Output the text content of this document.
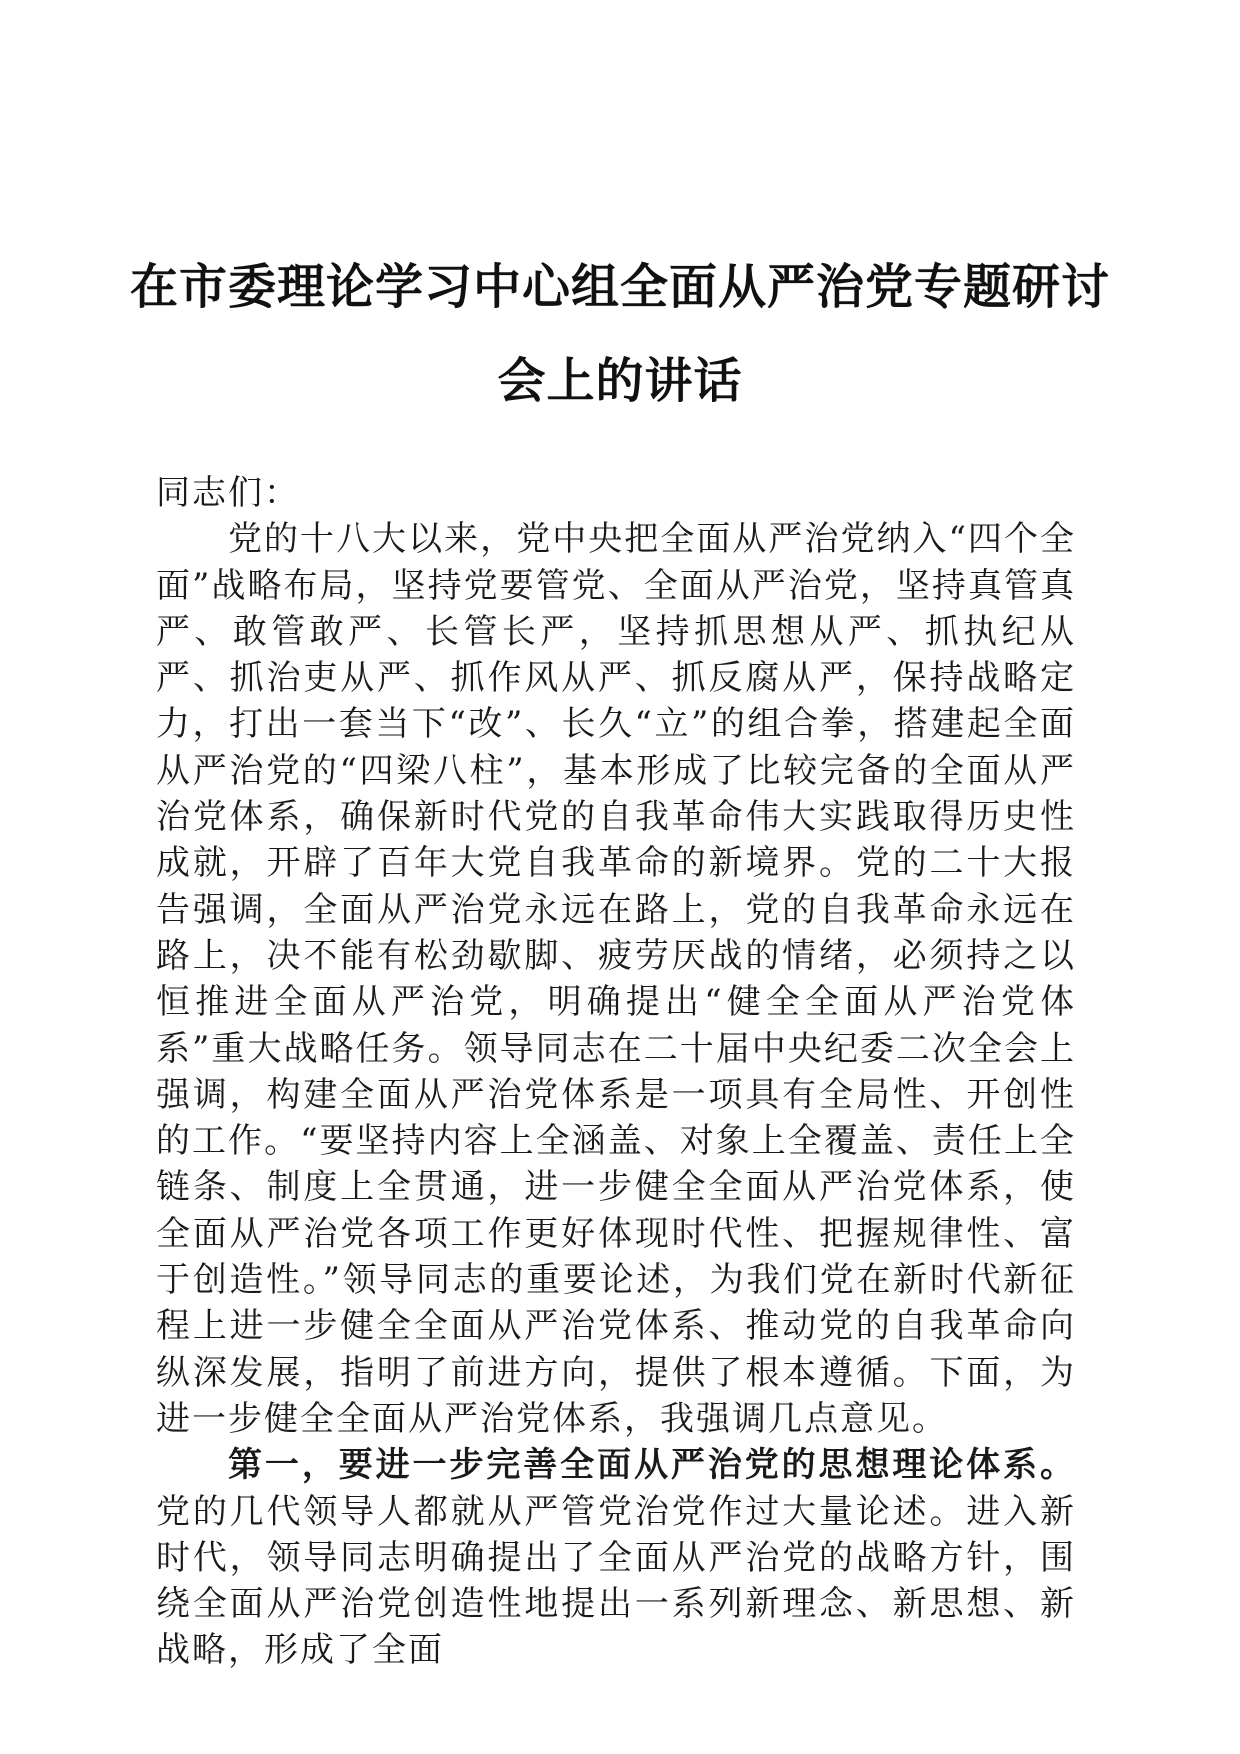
在市委理论学习中心组全面从严治党专题研讨
会上的讲话

同志们：

党的十八大以来，党中央把全面从严治党纳入“四个全面”战略布局，坚持党要管党、全面从严治党，坚持真管真严、敢管敢严、长管长严，坚持抓思想从严、抓执纪从严、抓治吏从严、抓作风从严、抓反腐从严，保持战略定力，打出一套当下“改”、长久“立”的组合拳，搭建起全面从严治党的“四梁八柱”，基本形成了比较完备的全面从严治党体系，确保新时代党的自我革命伟大实践取得历史性成就，开辟了百年大党自我革命的新境界。党的二十大报告强调，全面从严治党永远在路上，党的自我革命永远在路上，决不能有松劲歇脚、疲劳厌战的情绪，必须持之以恒推进全面从严治党，明确提出“健全全面从严治党体系”重大战略任务。领导同志在二十届中央纪委二次全会上强调，构建全面从严治党体系是一项具有全局性、开创性的工作。“要坚持内容上全涵盖、对象上全覆盖、责任上全链条、制度上全贯通，进一步健全全面从严治党体系，使全面从严治党各项工作更好体现时代性、把握规律性、富于创造性。”领导同志的重要论述，为我们党在新时代新征程上进一步健全全面从严治党体系、推动党的自我革命向纵深发展，指明了前进方向，提供了根本遵循。下面，为进一步健全全面从严治党体系，我强调几点意见。

第一，要进一步完善全面从严治党的思想理论体系。党的几代领导人都就从严管党治党作过大量论述。进入新时代，领导同志明确提出了全面从严治党的战略方针，围绕全面从严治党创造性地提出一系列新理念、新思想、新战略，形成了全面
